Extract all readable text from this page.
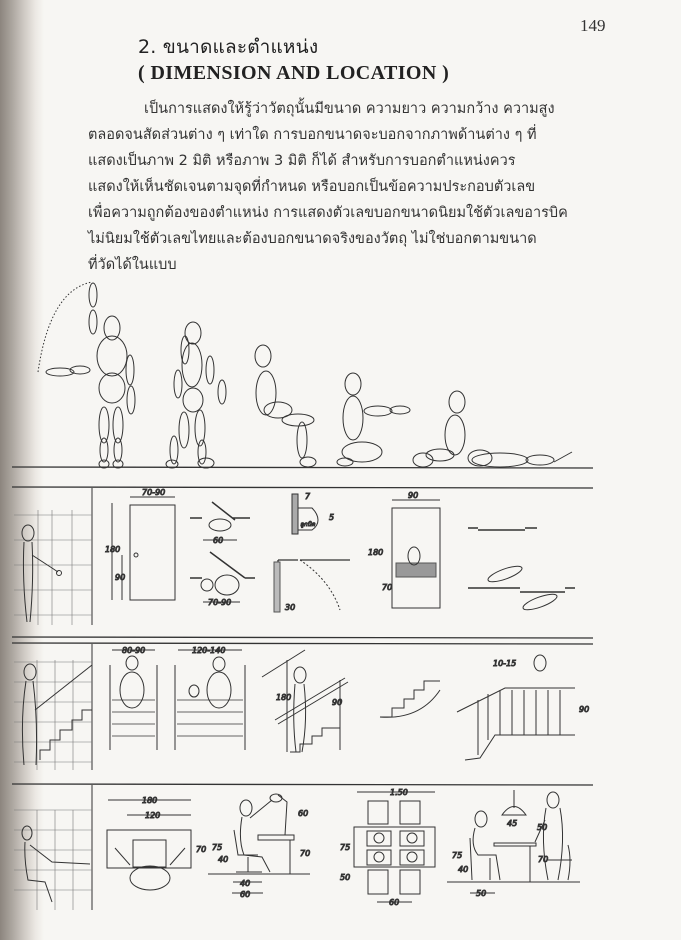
149
2. ขนาดและตำแหน่ง
( DIMENSION AND LOCATION )

เป็นการแสดงให้รู้ว่าวัตถุนั้นมีขนาด ความยาว ความกว้าง ความสูง

ตลอดจนสัดส่วนต่าง ๆ เท่าใด การบอกขนาดจะบอกจากภาพด้านต่าง ๆ ที่

แสดงเป็นภาพ 2 มิติ หรือภาพ 3 มิติ ก็ได้ สำหรับการบอกตำแหน่งควร

แสดงให้เห็นชัดเจนตามจุดที่กำหนด หรือบอกเป็นข้อความประกอบตัวเลข

เพื่อความถูกต้องของตำแหน่ง การแสดงตัวเลขบอกขนาดนิยมใช้ตัวเลขอารบิค

ไม่นิยมใช้ตัวเลขไทยและต้องบอกขนาดจริงของวัตถุ ไม่ใช่บอกตามขนาด

ที่วัดได้ในแบบ

70-90
180
90
60
70-90
ลูกบิด
7
5
30
90
180
70
80-90	120-140
180
90
10-15
90
180
120
70
60
70
75
40
40
60
1.50
75
50
60
45 50
75
40
70
50
